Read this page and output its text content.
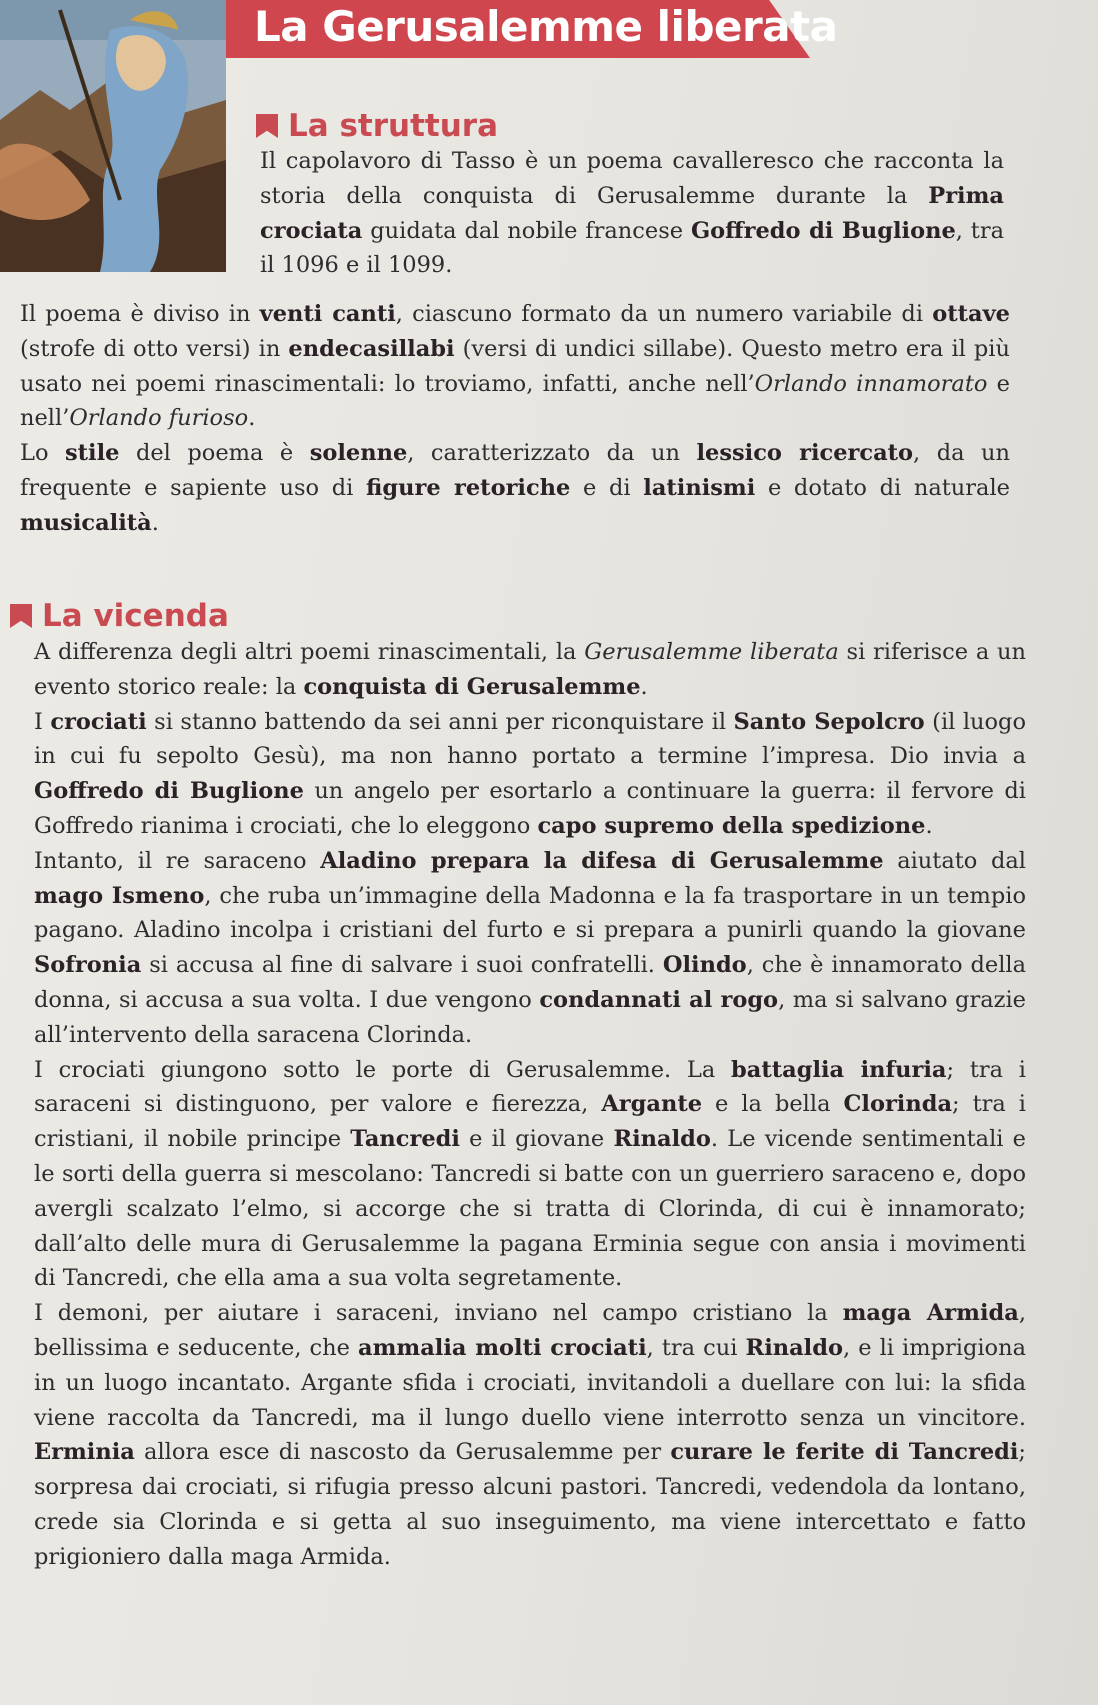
La Gerusalemme liberata
La struttura

Il capolavoro di Tasso è un poema cavalleresco che racconta la storia della conquista di Gerusalemme durante la Prima crociata guidata dal nobile francese Goffredo di Buglione, tra il 1096 e il 1099.

Il poema è diviso in venti canti, ciascuno formato da un numero variabile di ottave (strofe di otto versi) in endecasillabi (versi di undici sillabe). Questo metro era il più usato nei poemi rinascimentali: lo troviamo, infatti, anche nell’Orlando innamorato e nell’Orlando furioso.

Lo stile del poema è solenne, caratterizzato da un lessico ricercato, da un frequente e sapiente uso di figure retoriche e di latinismi e dotato di naturale musicalità.

La vicenda

A differenza degli altri poemi rinascimentali, la Gerusalemme liberata si riferisce a un evento storico reale: la conquista di Gerusalemme.

I crociati si stanno battendo da sei anni per riconquistare il Santo Sepolcro (il luogo in cui fu sepolto Gesù), ma non hanno portato a termine l’impresa. Dio invia a Goffredo di Buglione un angelo per esortarlo a continuare la guerra: il fervore di Goffredo rianima i crociati, che lo eleggono capo supremo della spedizione.

Intanto, il re saraceno Aladino prepara la difesa di Gerusalemme aiutato dal mago Ismeno, che ruba un’immagine della Madonna e la fa trasportare in un tempio pagano. Aladino incolpa i cristiani del furto e si prepara a punirli quando la giovane Sofronia si accusa al fine di salvare i suoi confratelli. Olindo, che è innamorato della donna, si accusa a sua volta. I due vengono condannati al rogo, ma si salvano grazie all’intervento della saracena Clorinda.

I crociati giungono sotto le porte di Gerusalemme. La battaglia infuria; tra i saraceni si distinguono, per valore e fierezza, Argante e la bella Clorinda; tra i cristiani, il nobile principe Tancredi e il giovane Rinaldo. Le vicende sentimentali e le sorti della guerra si mescolano: Tancredi si batte con un guerriero saraceno e, dopo avergli scalzato l’elmo, si accorge che si tratta di Clorinda, di cui è innamorato; dall’alto delle mura di Gerusalemme la pagana Erminia segue con ansia i movimenti di Tancredi, che ella ama a sua volta segretamente.

I demoni, per aiutare i saraceni, inviano nel campo cristiano la maga Armida, bellissima e seducente, che ammalia molti crociati, tra cui Rinaldo, e li imprigiona in un luogo incantato. Argante sfida i crociati, invitandoli a duellare con lui: la sfida viene raccolta da Tancredi, ma il lungo duello viene interrotto senza un vincitore. Erminia allora esce di nascosto da Gerusalemme per curare le ferite di Tancredi; sorpresa dai crociati, si rifugia presso alcuni pastori. Tancredi, vedendola da lontano, crede sia Clorinda e si getta al suo inseguimento, ma viene intercettato e fatto prigioniero dalla maga Armida.
